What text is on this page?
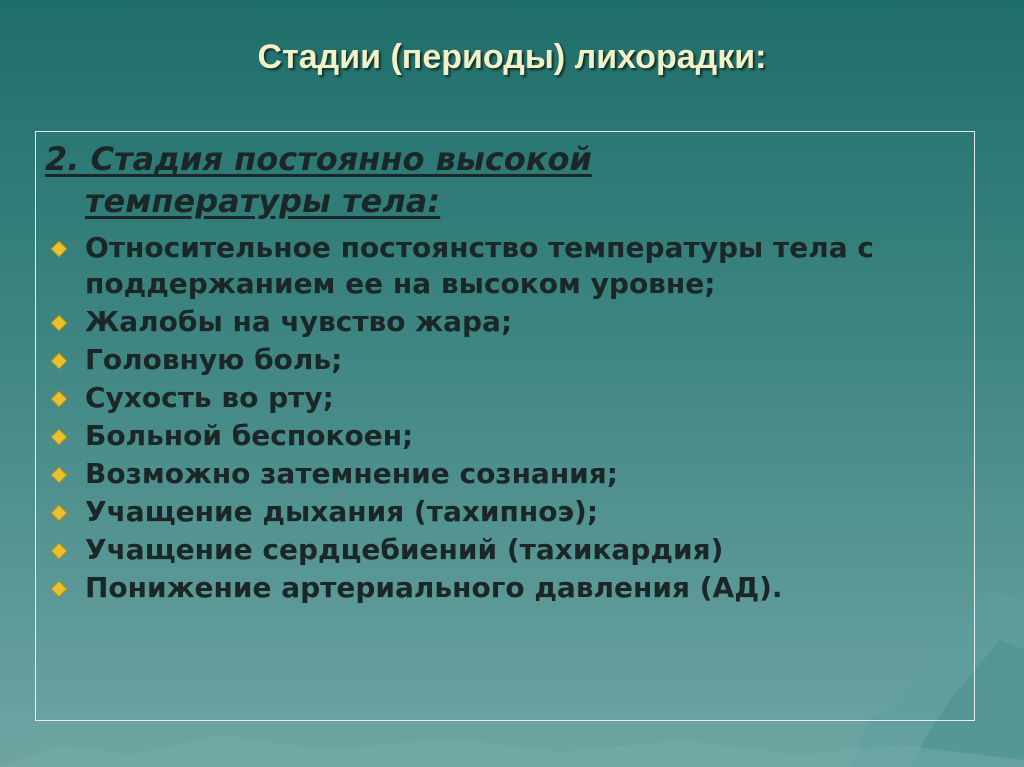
Стадии (периоды) лихорадки:
2. Стадия постоянно высокой
температуры тела:
Относительное постоянство температуры тела с поддержанием ее на высоком уровне;
Жалобы на чувство жара;
Головную боль;
Сухость во рту;
Больной беспокоен;
Возможно затемнение сознания;
Учащение дыхания (тахипноэ);
Учащение сердцебиений (тахикардия)
Понижение артериального давления (АД).
